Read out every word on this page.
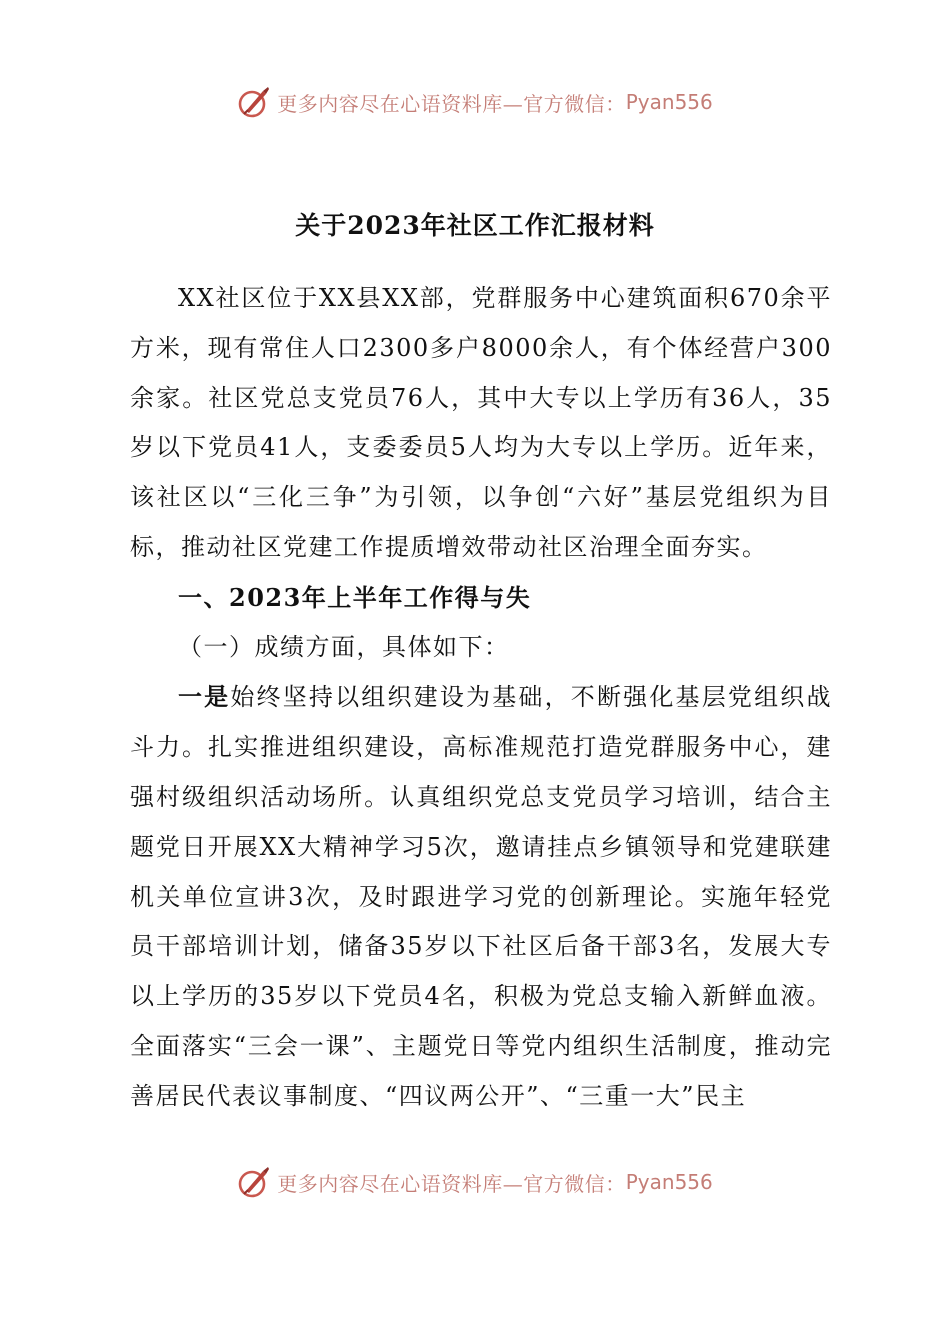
更多内容尽在心语资料库—官方微信： Pyan556
关于2023年社区工作汇报材料

XX社区位于XX县XX部，党群服务中心建筑面积670余平方米，现有常住人口2300多户8000余人，有个体经营户300余家。社区党总支党员76人，其中大专以上学历有36人，35岁以下党员41人，支委委员5人均为大专以上学历。近年来，该社区以“三化三争”为引领，以争创“六好”基层党组织为目标，推动社区党建工作提质增效带动社区治理全面夯实。

一、2023年上半年工作得与失

（一）成绩方面，具体如下：

一是始终坚持以组织建设为基础，不断强化基层党组织战斗力。扎实推进组织建设，高标准规范打造党群服务中心，建强村级组织活动场所。认真组织党总支党员学习培训，结合主题党日开展XX大精神学习5次，邀请挂点乡镇领导和党建联建机关单位宣讲3次，及时跟进学习党的创新理论。实施年轻党员干部培训计划，储备35岁以下社区后备干部3名，发展大专以上学历的35岁以下党员4名，积极为党总支输入新鲜血液。全面落实“三会一课”、主题党日等党内组织生活制度，推动完善居民代表议事制度、“四议两公开”、“三重一大”民主

更多内容尽在心语资料库—官方微信： Pyan556
